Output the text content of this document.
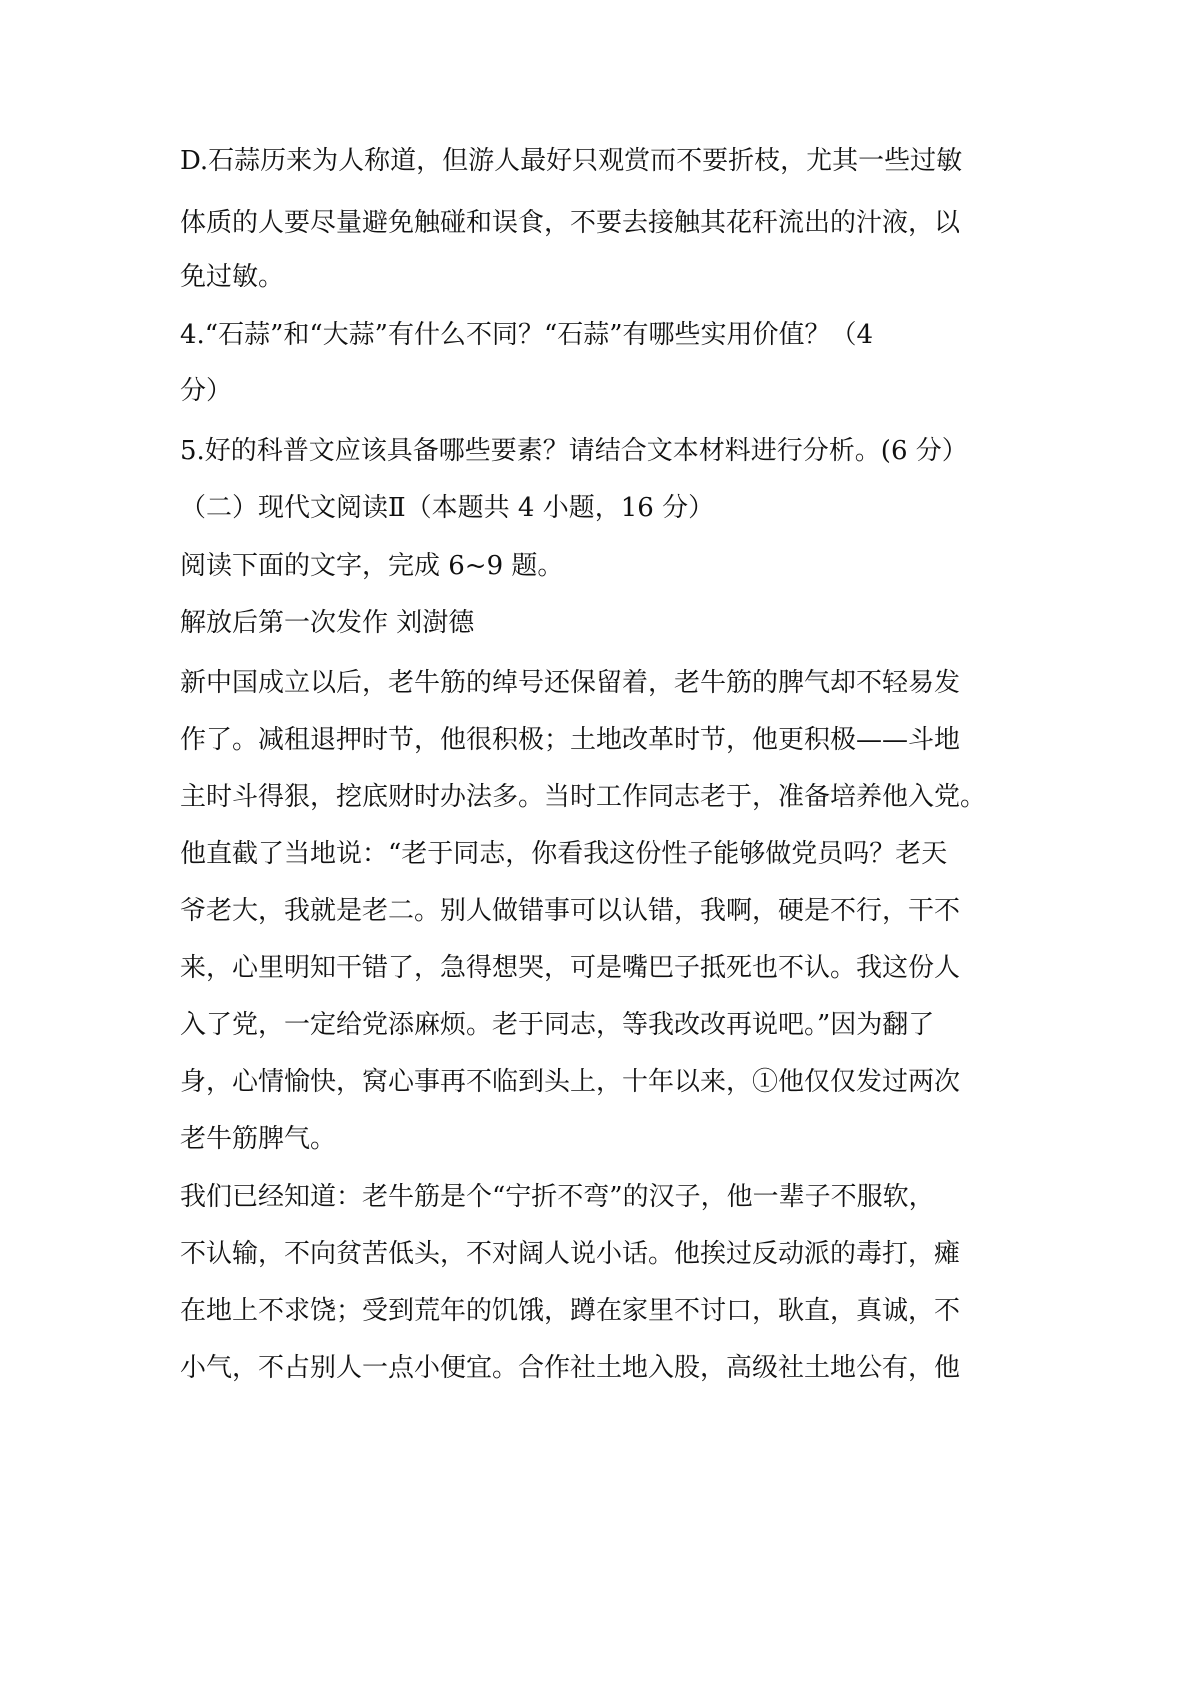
D.石蒜历来为人称道，但游人最好只观赏而不要折枝，尤其一些过敏
体质的人要尽量避免触碰和误食，不要去接触其花秆流出的汁液，以
免过敏。
4.“石蒜”和“大蒜”有什么不同？“石蒜”有哪些实用价值？（4
分）
5.好的科普文应该具备哪些要素？请结合文本材料进行分析。(6 分）
（二）现代文阅读Ⅱ（本题共 4 小题，16 分）
阅读下面的文字，完成 6~9 题。
解放后第一次发作 刘澍德
新中国成立以后，老牛筋的绰号还保留着，老牛筋的脾气却不轻易发
作了。减租退押时节，他很积极；土地改革时节，他更积极——斗地
主时斗得狠，挖底财时办法多。当时工作同志老于，准备培养他入党。
他直截了当地说：“老于同志，你看我这份性子能够做党员吗？老天
爷老大，我就是老二。别人做错事可以认错，我啊，硬是不行，干不
来，心里明知干错了，急得想哭，可是嘴巴子抵死也不认。我这份人
入了党，一定给党添麻烦。老于同志，等我改改再说吧。”因为翻了
身，心情愉快，窝心事再不临到头上，十年以来，①他仅仅发过两次
老牛筋脾气。
我们已经知道：老牛筋是个“宁折不弯”的汉子，他一辈子不服软，
不认输，不向贫苦低头，不对阔人说小话。他挨过反动派的毒打，瘫
在地上不求饶；受到荒年的饥饿，蹲在家里不讨口，耿直，真诚，不
小气，不占别人一点小便宜。合作社土地入股，高级社土地公有，他
